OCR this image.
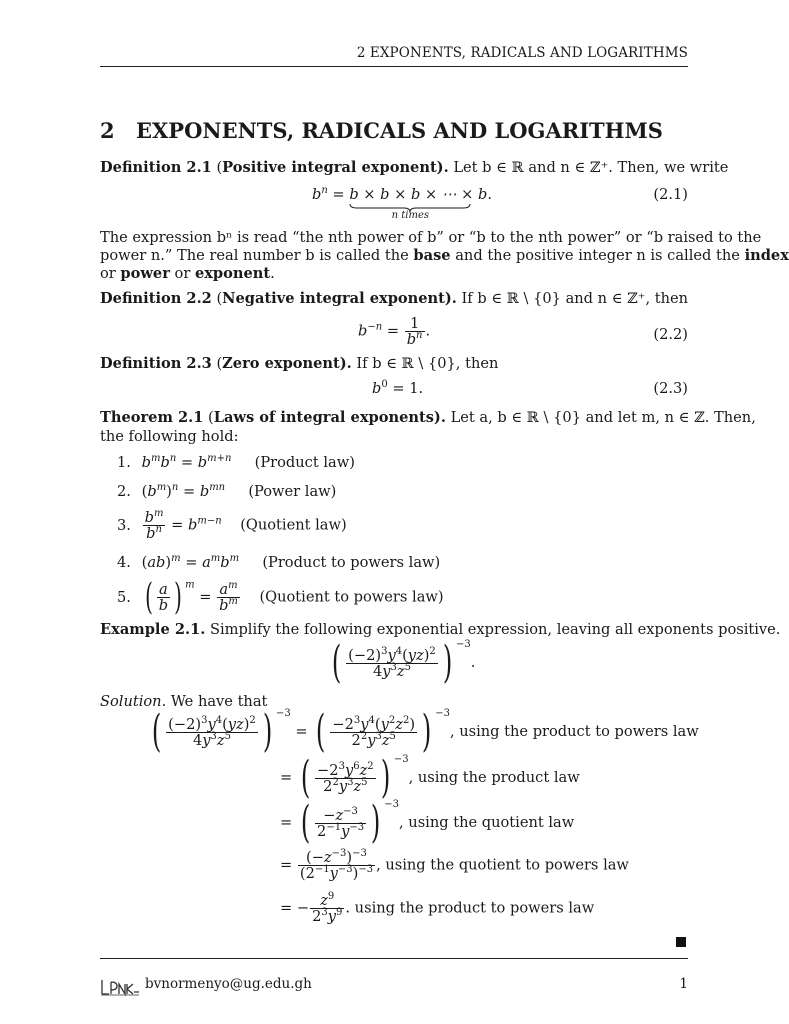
2 EXPONENTS, RADICALS AND LOGARITHMS
2 EXPONENTS, RADICALS AND LOGARITHMS
Definition 2.1 (Positive integral exponent). Let b ∈ ℝ and n ∈ ℤ⁺. Then, we write
$b^n = b \times b \times b$ × ⋯ × b
n times
.	(2.1)
The expression bⁿ is read “the nth power of b” or “b to the nth power” or “b raised to the
power n.” The real number b is called the base and the positive integer n is called the index
or power or exponent.
Definition 2.2 (Negative integral exponent). If b ∈ ℝ \ {0} and n ∈ ℤ⁺, then
$b^{-n} = \frac{1}{b^n}$ .	(2.2)
Definition 2.3 (Zero exponent). If b ∈ ℝ \ {0}, then
$b^0 = 1$.	(2.3)
Theorem 2.1 (Laws of integral exponents). Let a, b ∈ ℝ \ {0} and let m, n ∈ ℤ. Then,
the following hold:
1. $b^mb^n = b^{m+n}$ (Product law)
2. $(b^m)^n = b^{mn}$ (Power law)
3. $\frac{b^m}{b^n} = b^{m-n}$ (Quotient law)
4. $(ab)^m = a^mb^m$ (Product to powers law)
5. ( $\frac{a}{b}$ ) $^m = \frac{a^m}{b^m}$ (Quotient to powers law)
Example 2.1. Simplify the following exponential expression, leaving all exponents positive.
( $\frac{(-2)^3y^4(yz)^2}{4y^3z^5}$ ) $^{-3}$.
Solution. We have that
( $\frac{(-2)^3y^4(yz)^2}{4y^3z^5}$ ) $^{-3}$ = ( $\frac{-2^3y^4(y^2z^2)}{2^2y^3z^5}$ ) $^{-3}$, using the product to powers law
= ( $\frac{-2^3y^6z^2}{2^2y^3z^5}$ ) $^{-3}$, using the product law
= ( $\frac{-z^{-3}}{2^{-1}y^{-3}}$ ) $^{-3}$, using the quotient law
= $\frac{(-z^{-3})^{-3}}{(2^{-1}y^{-3})^{-3}}$ , using the quotient to powers law
= − $\frac{z^9}{2^3y^9}$ . using the product to powers law
bvnormenyo@ug.edu.gh	1
